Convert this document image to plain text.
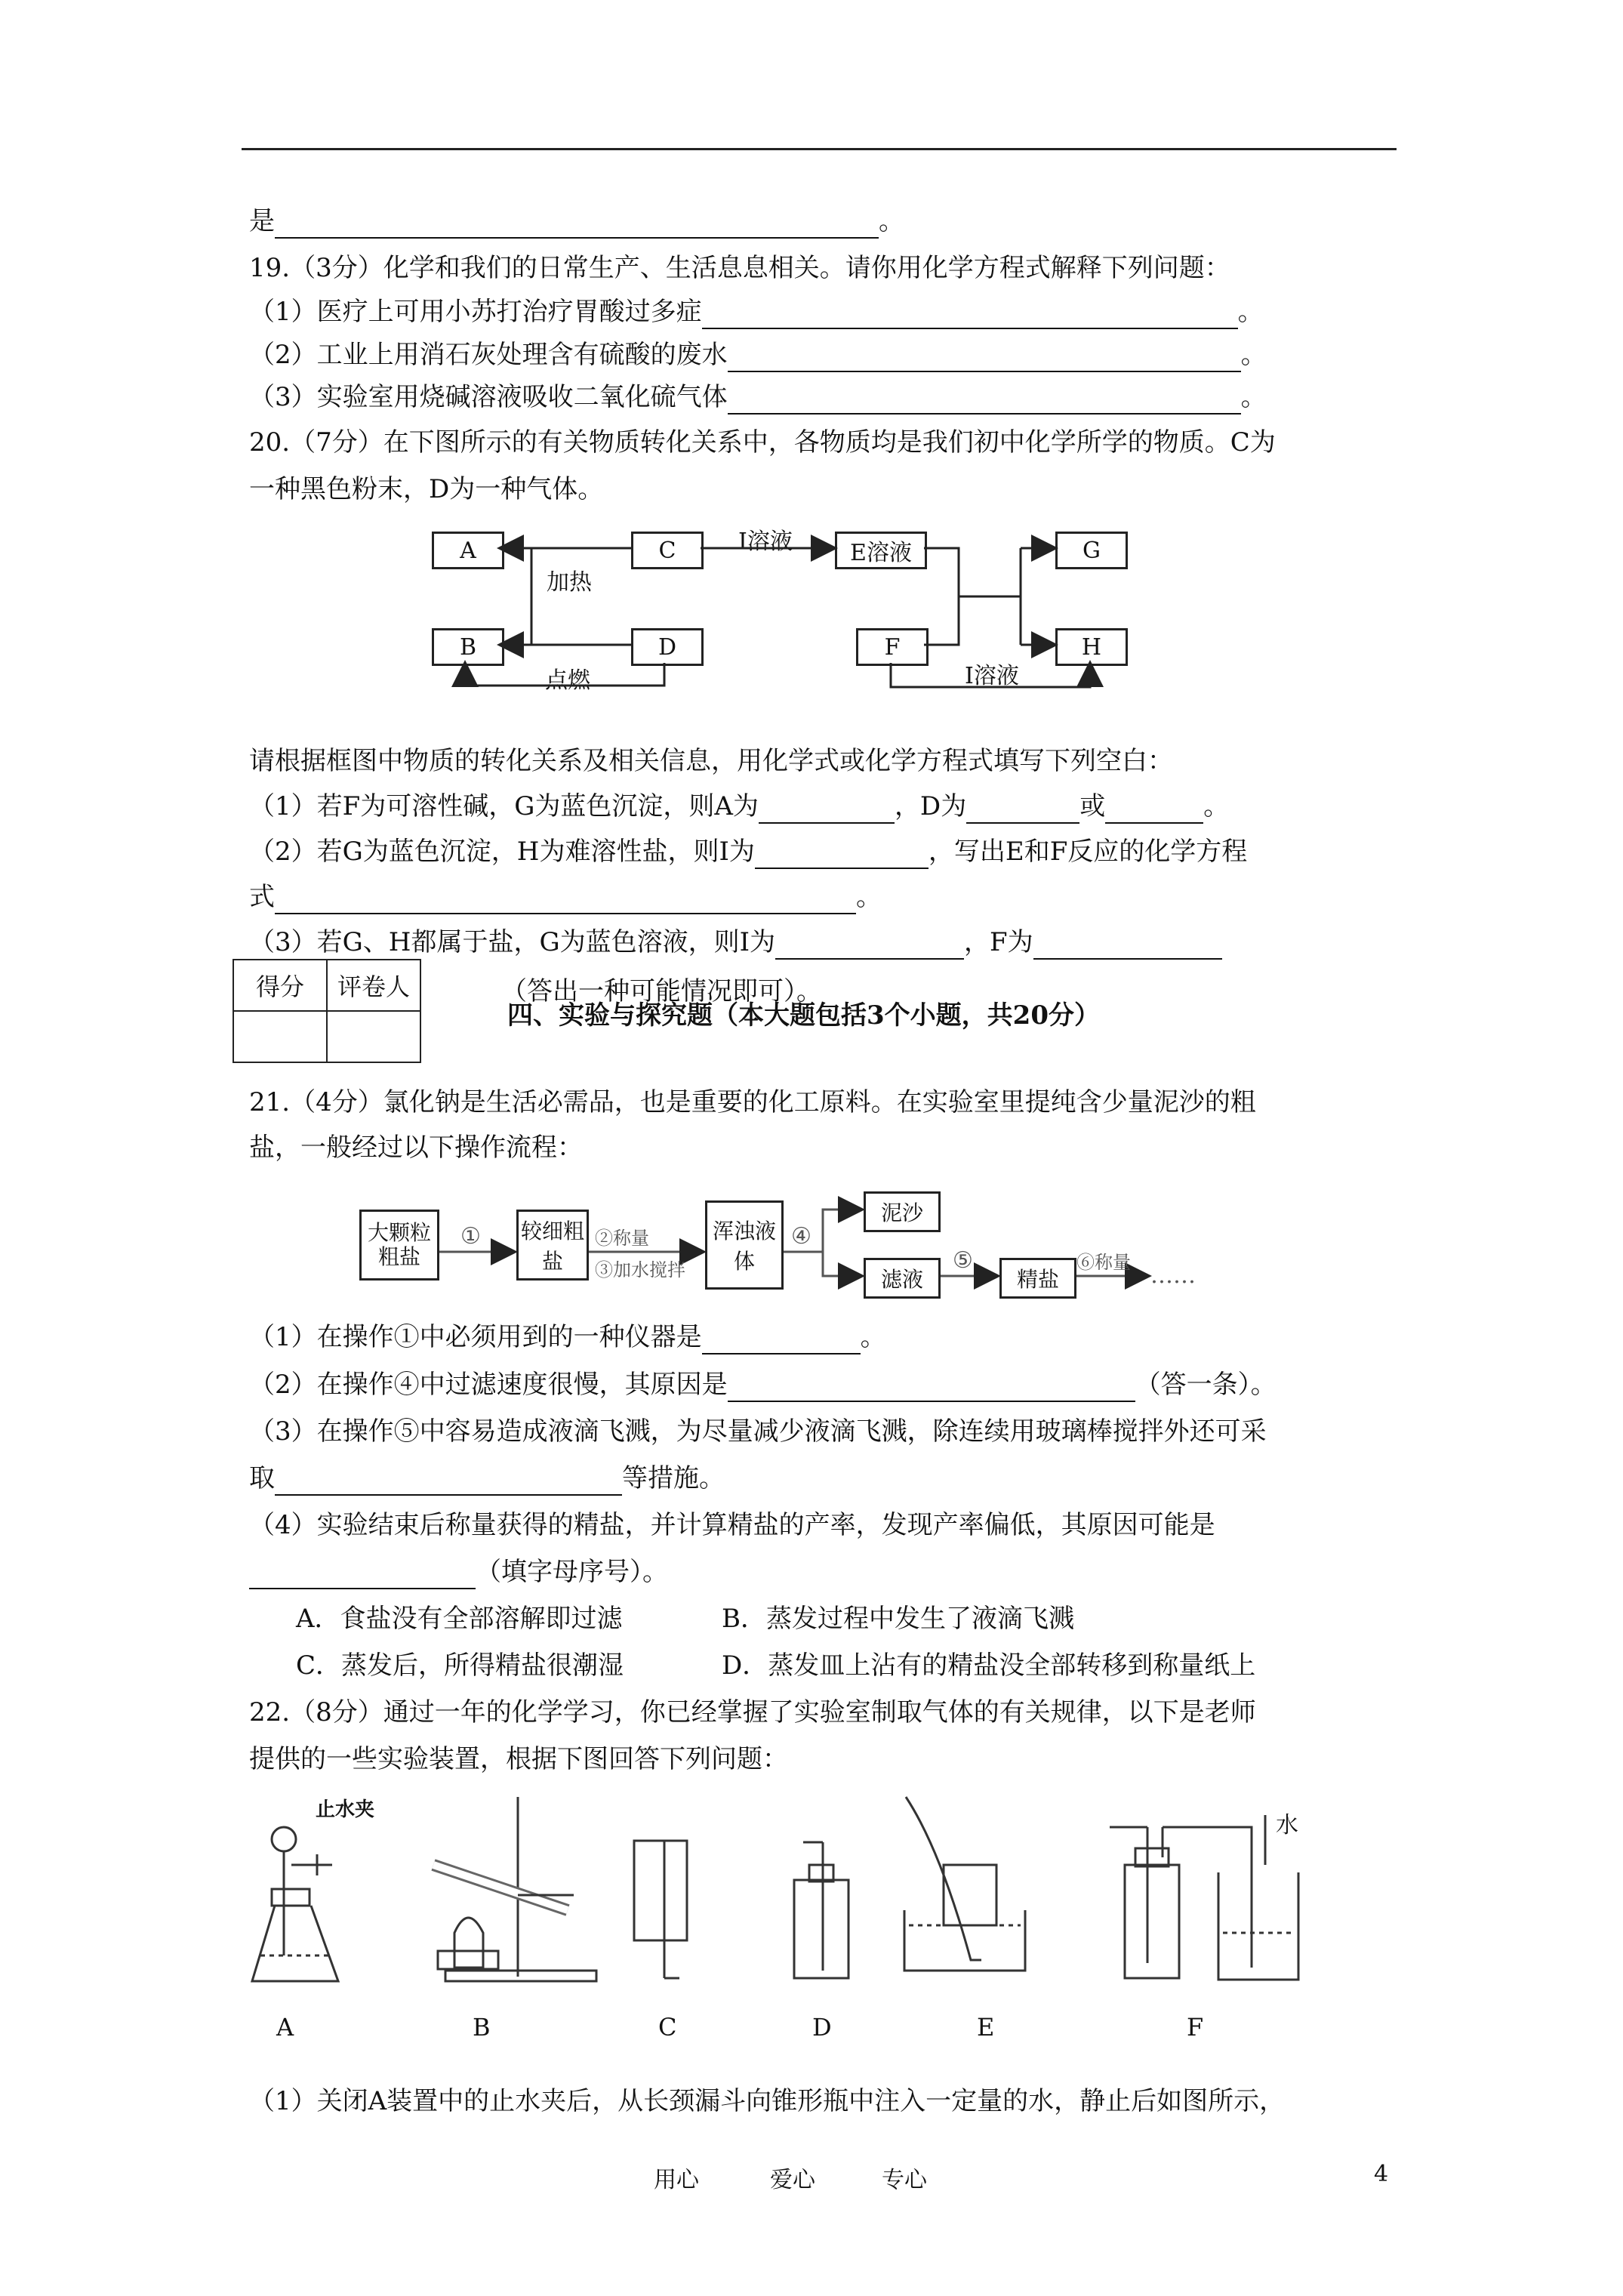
是	。
19.（3分）化学和我们的日常生产、生活息息相关。请你用化学方程式解释下列问题：
（1）医疗上可用小苏打治疗胃酸过多症	。
（2）工业上用消石灰处理含有硫酸的废水	。
（3）实验室用烧碱溶液吸收二氧化硫气体	。
20.（7分）在下图所示的有关物质转化关系中，各物质均是我们初中化学所学的物质。C为
一种黑色粉末，D为一种气体。
A	C
B	D
E溶液
F
G
H
加热
点燃
I溶液
I溶液
请根据框图中物质的转化关系及相关信息，用化学式或化学方程式填写下列空白：
（1）若F为可溶性碱，G为蓝色沉淀，则A为	，D为	或	。
（2）若G为蓝色沉淀，H为难溶性盐，则I为	，写出E和F反应的化学方程
式	。
（3）若G、H都属于盐，G为蓝色溶液，则I为	，F为
（答出一种可能情况即可）。
得分	评卷人

四、实验与探究题（本大题包括3个小题，共20分）
21.（4分）氯化钠是生活必需品，也是重要的化工原料。在实验室里提纯含少量泥沙的粗
盐，一般经过以下操作流程：
大颗粒粗盐
较细粗盐
浑浊液体
泥沙
滤液	精盐
①	②称量
③加水搅拌
④
⑤	⑥称量 ……
（1）在操作①中必须用到的一种仪器是	。
（2）在操作④中过滤速度很慢，其原因是	（答一条）。
（3）在操作⑤中容易造成液滴飞溅，为尽量减少液滴飞溅，除连续用玻璃棒搅拌外还可采
取	等措施。
（4）实验结束后称量获得的精盐，并计算精盐的产率，发现产率偏低，其原因可能是
（填字母序号）。
A．食盐没有全部溶解即过滤	B．蒸发过程中发生了液滴飞溅
C．蒸发后，所得精盐很潮湿	D．蒸发皿上沾有的精盐没全部转移到称量纸上
22.（8分）通过一年的化学学习，你已经掌握了实验室制取气体的有关规律，以下是老师
提供的一些实验装置，根据下图回答下列问题：
止水夹
水
A	B	C	D	E	F
（1）关闭A装置中的止水夹后，从长颈漏斗向锥形瓶中注入一定量的水，静止后如图所示，
用心	爱心	专心	4
